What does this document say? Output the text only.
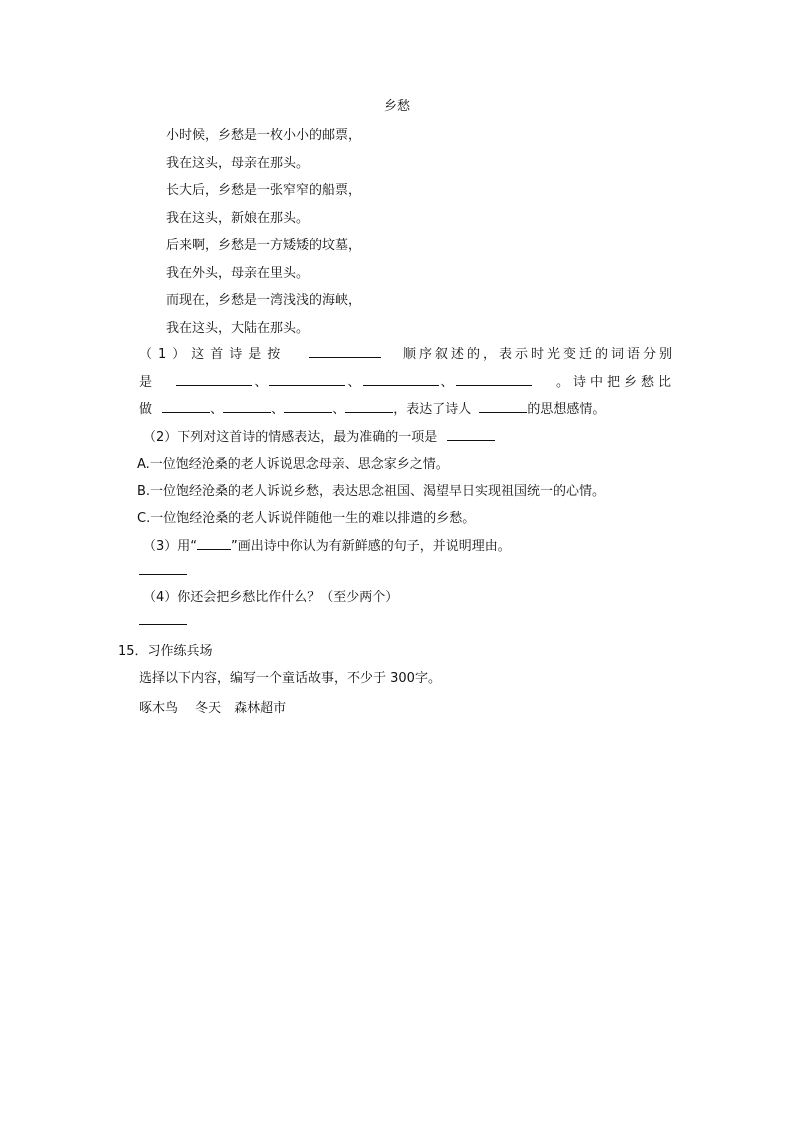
乡愁
小时候，乡愁是一枚小小的邮票，
我在这头，母亲在那头。
长大后，乡愁是一张窄窄的船票，
我在这头，新娘在那头。
后来啊，乡愁是一方矮矮的坟墓，
我在外头，母亲在里头。
而现在，乡愁是一湾浅浅的海峡，
我在这头，大陆在那头。
（1）这首诗是按	顺序叙述的，表示时光变迁的词语分别
是	、	、	、	。诗中把乡愁比
做	、	、	、	，表达了诗人	的思想感情。
（2）下列对这首诗的情感表达，最为准确的一项是
A.一位饱经沧桑的老人诉说思念母亲、思念家乡之情。
B.一位饱经沧桑的老人诉说乡愁，表达思念祖国、渴望早日实现祖国统一的心情。
C.一位饱经沧桑的老人诉说伴随他一生的难以排遣的乡愁。
（3）用“	”画出诗中你认为有新鲜感的句子，并说明理由。
（4）你还会把乡愁比作什么？（至少两个）
15．习作练兵场
选择以下内容，编写一个童话故事，不少于 300字。
啄木鸟　 冬天　森林超市
